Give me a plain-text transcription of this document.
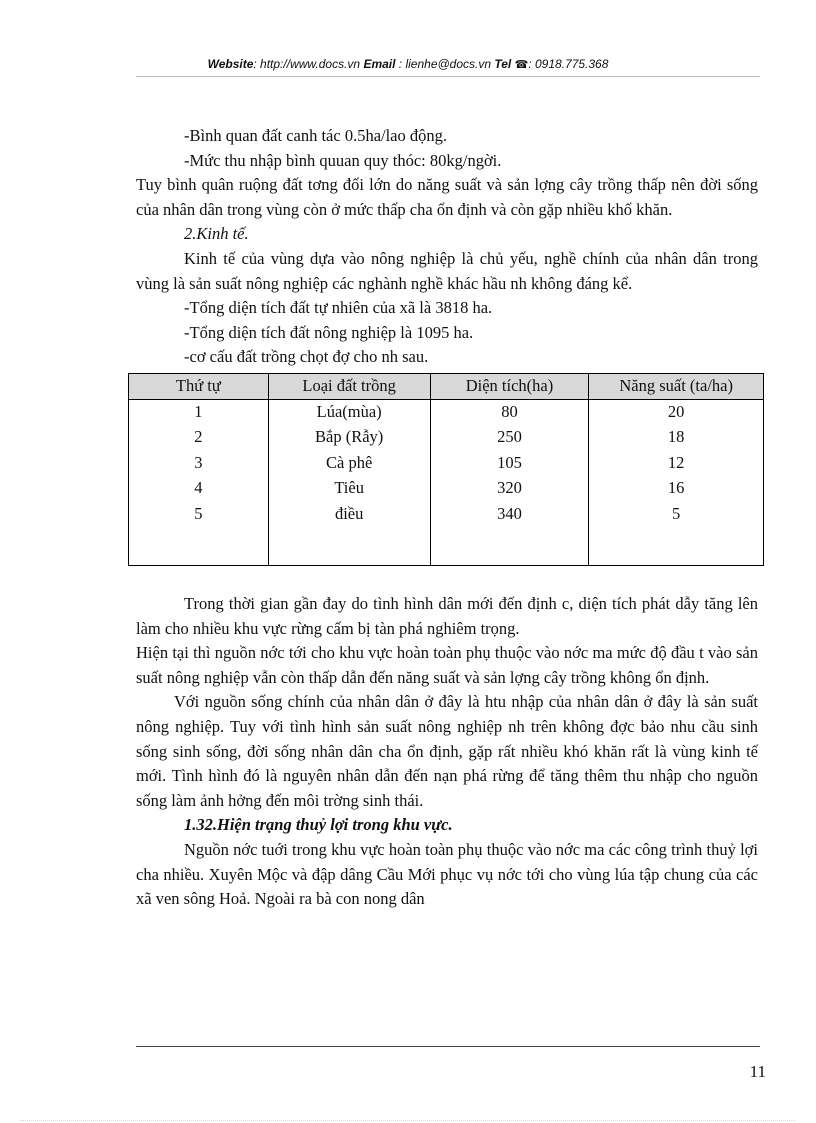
Website: http://www.docs.vn Email : lienhe@docs.vn Tel ☎: 0918.775.368

-Bình quan đất canh tác 0.5ha/lao động.

-Mức thu nhập bình quuan quy thóc: 80kg/ngời.

Tuy bình quân ruộng đất tơng đối lớn do năng suất và sản lợng cây trồng thấp nên đời sống của nhân dân trong vùng còn ở mức thấp cha ổn định và còn gặp nhiều khố khăn.

2.Kinh tế.

Kinh tế của vùng dựa vào nông nghiệp là chủ yếu, nghề chính của nhân dân trong vùng là sản suất nông nghiệp các nghành nghề khác hầu nh không đáng kể.

-Tổng diện tích đất tự nhiên của xã là 3818 ha.

-Tổng diện tích đất nông nghiệp là 1095 ha.

-cơ cấu đất trồng chọt đợ cho nh sau.

Thứ tự	Loại đất trồng	Diện tích(ha)	Năng suất (ta/ha)
1	Lúa(mùa)	80	20
2	Bắp (Rẫy)	250	18
3	Cà phê	105	12
4	Tiêu	320	16
5	điều	340	5

Trong thời gian gần đay do tình hình dân mới đến định c, diện tích phát dẫy tăng lên làm cho nhiều khu vực rừng cấm bị tàn phá nghiêm trọng.

Hiện tại thì nguồn nớc tới cho khu vực hoàn toàn phụ thuộc vào nớc ma mức độ đầu t vào sản suất nông nghiệp vẫn còn thấp dẫn đến năng suất và sản lợng cây trồng không ổn định.

Với nguồn sống chính của nhân dân ở đây là htu nhập của nhân dân ở đây là sản suất nông nghiệp. Tuy với tình hình sản suất nông nghiệp nh trên không đợc bảo nhu cầu sinh sống sinh sống, đời sống nhân dân cha ổn định, gặp rất nhiều khó khăn rất là vùng kinh tế mới. Tình hình đó là nguyên nhân dẫn đến nạn phá rừng để tăng thêm thu nhập cho nguồn sống làm ảnh hởng đến môi trờng sinh thái.

1.32.Hiện trạng thuỷ lợi trong khu vực.

Nguồn nớc tuới trong khu vực hoàn toàn phụ thuộc vào nớc ma các công trình thuỷ lợi cha nhiều. Xuyên Mộc và đập dâng Cầu Mới phục vụ nớc tới cho vùng lúa tập chung của các xã ven sông Hoả. Ngoài ra bà con nong dân

11
